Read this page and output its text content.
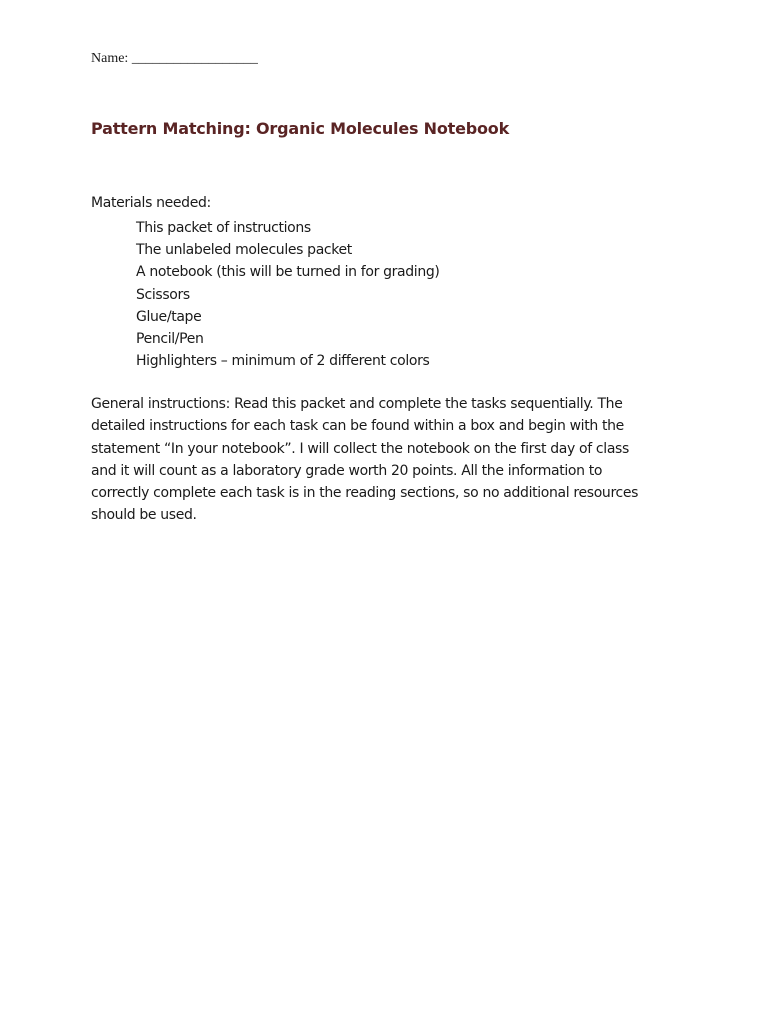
Name: __________________
Pattern Matching: Organic Molecules Notebook
Materials needed:
This packet of instructions
The unlabeled molecules packet
A notebook (this will be turned in for grading)
Scissors
Glue/tape
Pencil/Pen
Highlighters – minimum of 2 different colors

General instructions: Read this packet and complete the tasks sequentially. The
detailed instructions for each task can be found within a box and begin with the
statement “In your notebook”. I will collect the notebook on the first day of class
and it will count as a laboratory grade worth 20 points. All the information to
correctly complete each task is in the reading sections, so no additional resources
should be used.
